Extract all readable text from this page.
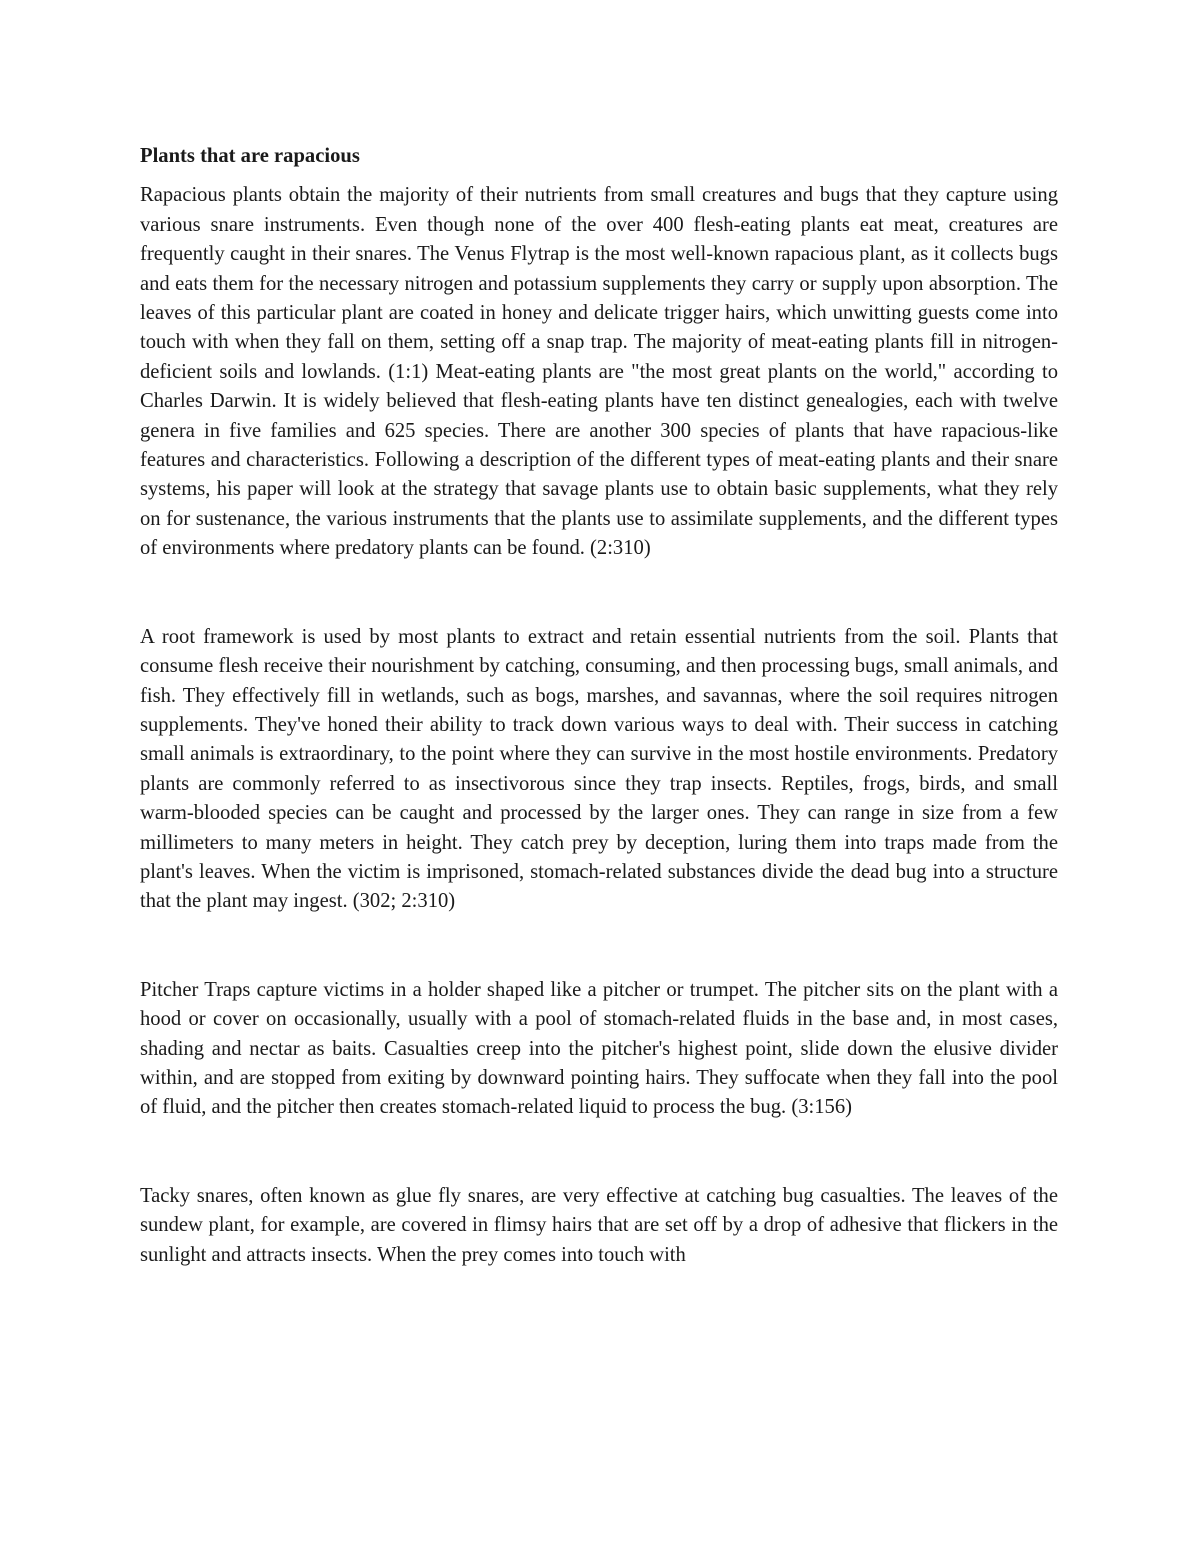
Plants that are rapacious

Rapacious plants obtain the majority of their nutrients from small creatures and bugs that they capture using various snare instruments. Even though none of the over 400 flesh-eating plants eat meat, creatures are frequently caught in their snares. The Venus Flytrap is the most well-known rapacious plant, as it collects bugs and eats them for the necessary nitrogen and potassium supplements they carry or supply upon absorption. The leaves of this particular plant are coated in honey and delicate trigger hairs, which unwitting guests come into touch with when they fall on them, setting off a snap trap. The majority of meat-eating plants fill in nitrogen-deficient soils and lowlands. (1:1) Meat-eating plants are "the most great plants on the world," according to Charles Darwin. It is widely believed that flesh-eating plants have ten distinct genealogies, each with twelve genera in five families and 625 species. There are another 300 species of plants that have rapacious-like features and characteristics. Following a description of the different types of meat-eating plants and their snare systems, his paper will look at the strategy that savage plants use to obtain basic supplements, what they rely on for sustenance, the various instruments that the plants use to assimilate supplements, and the different types of environments where predatory plants can be found. (2:310)

A root framework is used by most plants to extract and retain essential nutrients from the soil. Plants that consume flesh receive their nourishment by catching, consuming, and then processing bugs, small animals, and fish. They effectively fill in wetlands, such as bogs, marshes, and savannas, where the soil requires nitrogen supplements. They've honed their ability to track down various ways to deal with. Their success in catching small animals is extraordinary, to the point where they can survive in the most hostile environments. Predatory plants are commonly referred to as insectivorous since they trap insects. Reptiles, frogs, birds, and small warm-blooded species can be caught and processed by the larger ones. They can range in size from a few millimeters to many meters in height. They catch prey by deception, luring them into traps made from the plant's leaves. When the victim is imprisoned, stomach-related substances divide the dead bug into a structure that the plant may ingest. (302; 2:310)

Pitcher Traps capture victims in a holder shaped like a pitcher or trumpet. The pitcher sits on the plant with a hood or cover on occasionally, usually with a pool of stomach-related fluids in the base and, in most cases, shading and nectar as baits. Casualties creep into the pitcher's highest point, slide down the elusive divider within, and are stopped from exiting by downward pointing hairs. They suffocate when they fall into the pool of fluid, and the pitcher then creates stomach-related liquid to process the bug. (3:156)

Tacky snares, often known as glue fly snares, are very effective at catching bug casualties. The leaves of the sundew plant, for example, are covered in flimsy hairs that are set off by a drop of adhesive that flickers in the sunlight and attracts insects. When the prey comes into touch with
